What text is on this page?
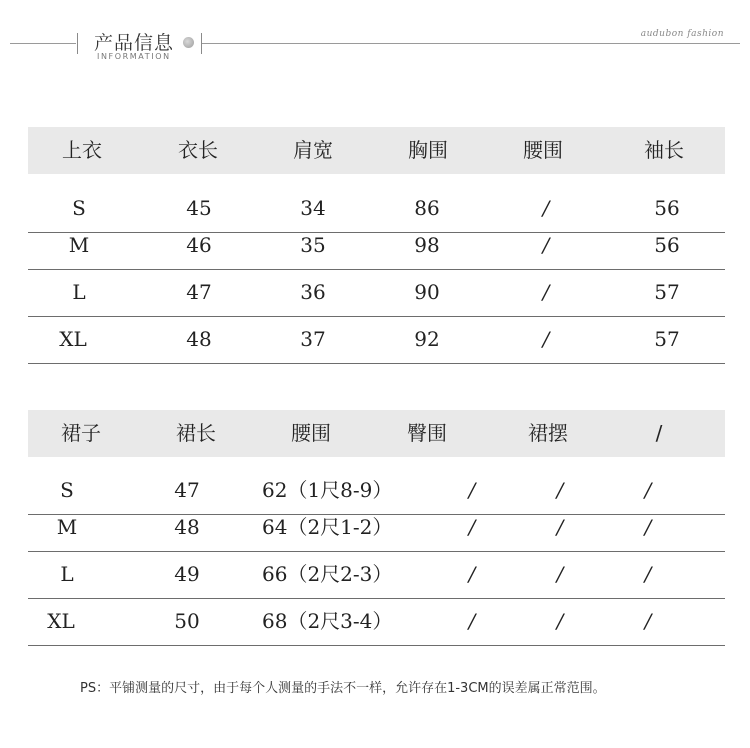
产品信息
INFORMATION
audubon fashion
上衣	衣长	肩宽	胸围	腰围	袖长
S	45	34	86	/	56
M	46	35	98	/	56
L	47	36	90	/	57
XL	48	37	92	/	57
裙子	裙长	腰围	臀围	裙摆	/
S	47	62（1尺8-9）	/	/	/
M	48	64（2尺1-2）	/	/	/
L	49	66（2尺2-3）	/	/	/
XL	50	68（2尺3-4）	/	/	/
PS：平铺测量的尺寸，由于每个人测量的手法不一样，允许存在1-3CM的误差属正常范围。
